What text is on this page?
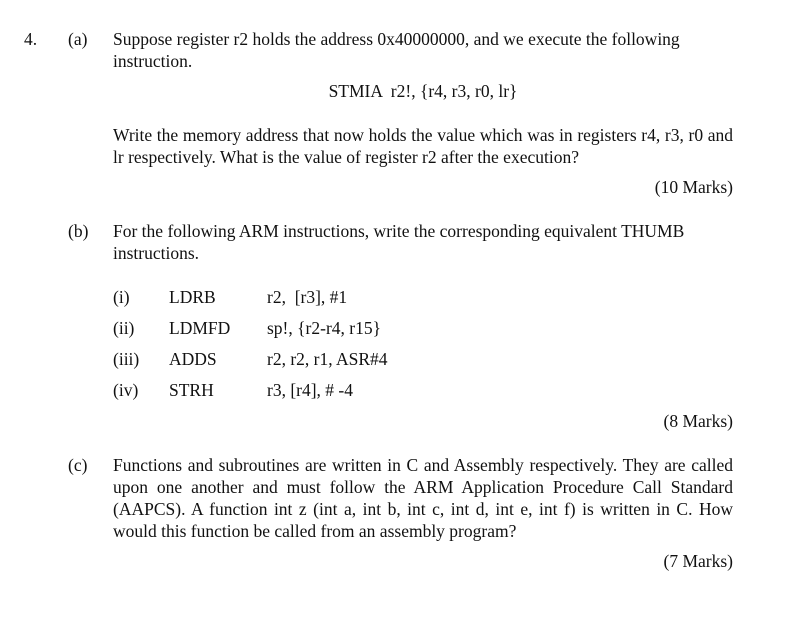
4. (a) Suppose register r2 holds the address 0x40000000, and we execute the following instruction.
STMIA  r2!, {r4, r3, r0, lr}
Write the memory address that now holds the value which was in registers r4, r3, r0 and lr respectively. What is the value of register r2 after the execution?
(10 Marks)
(b) For the following ARM instructions, write the corresponding equivalent THUMB instructions.
(i) LDRB	r2,  [r3], #1
(ii) LDMFD sp!, {r2-r4, r15}
(iii) ADDS	r2, r2, r1, ASR#4
(iv) STRH	r3, [r4], # -4
(8 Marks)
(c) Functions and subroutines are written in C and Assembly respectively. They are called upon one another and must follow the ARM Application Procedure Call Standard (AAPCS). A function int z (int a, int b, int c, int d, int e, int f) is written in C. How would this function be called from an assembly program?
(7 Marks)
